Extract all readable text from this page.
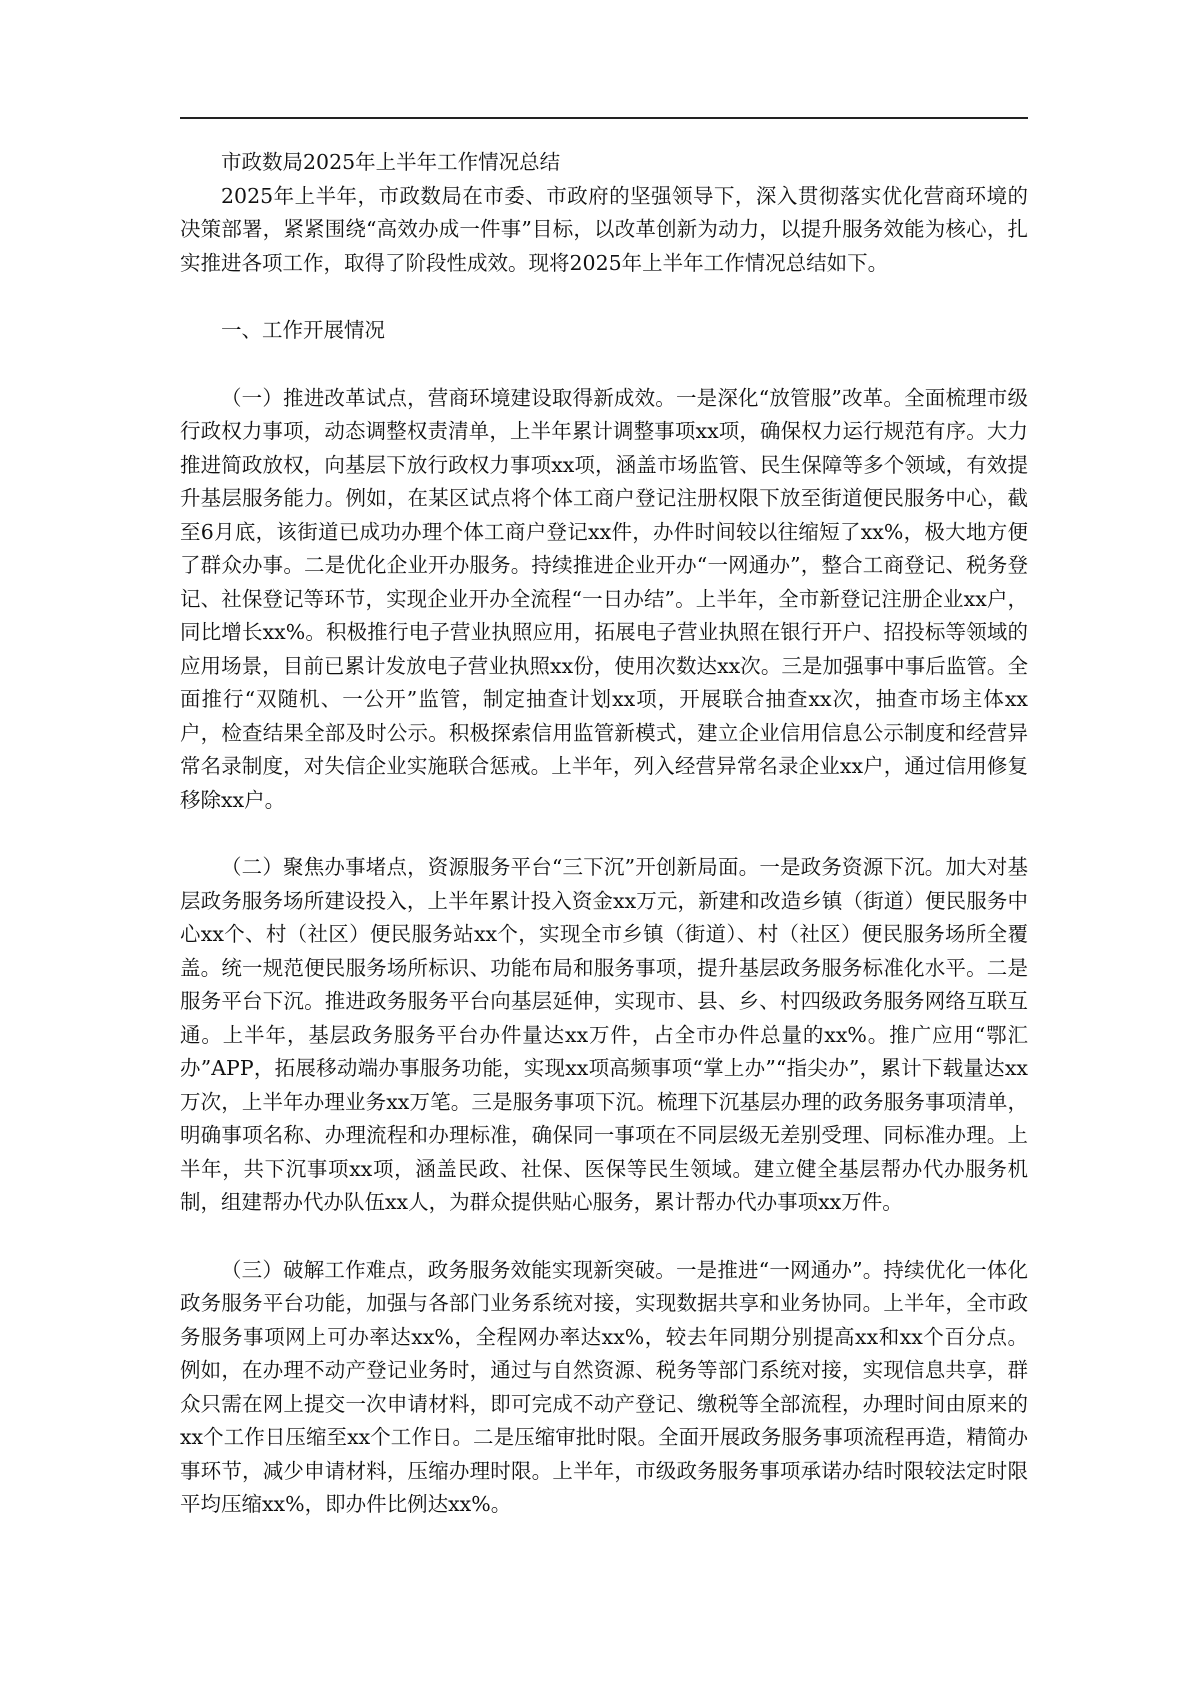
市政数局2025年上半年工作情况总结

2025年上半年，市政数局在市委、市政府的坚强领导下，深入贯彻落实优化营商环境的决策部署，紧紧围绕“高效办成一件事”目标，以改革创新为动力，以提升服务效能为核心，扎实推进各项工作，取得了阶段性成效。现将2025年上半年工作情况总结如下。

一、工作开展情况

（一）推进改革试点，营商环境建设取得新成效。一是深化“放管服”改革。全面梳理市级行政权力事项，动态调整权责清单，上半年累计调整事项xx项，确保权力运行规范有序。大力推进简政放权，向基层下放行政权力事项xx项，涵盖市场监管、民生保障等多个领域，有效提升基层服务能力。例如，在某区试点将个体工商户登记注册权限下放至街道便民服务中心，截至6月底，该街道已成功办理个体工商户登记xx件，办件时间较以往缩短了xx%，极大地方便了群众办事。二是优化企业开办服务。持续推进企业开办“一网通办”，整合工商登记、税务登记、社保登记等环节，实现企业开办全流程“一日办结”。上半年，全市新登记注册企业xx户，同比增长xx%。积极推行电子营业执照应用，拓展电子营业执照在银行开户、招投标等领域的应用场景，目前已累计发放电子营业执照xx份，使用次数达xx次。三是加强事中事后监管。全面推行“双随机、一公开”监管，制定抽查计划xx项，开展联合抽查xx次，抽查市场主体xx户，检查结果全部及时公示。积极探索信用监管新模式，建立企业信用信息公示制度和经营异常名录制度，对失信企业实施联合惩戒。上半年，列入经营异常名录企业xx户，通过信用修复移除xx户。

（二）聚焦办事堵点，资源服务平台“三下沉”开创新局面。一是政务资源下沉。加大对基层政务服务场所建设投入，上半年累计投入资金xx万元，新建和改造乡镇（街道）便民服务中心xx个、村（社区）便民服务站xx个，实现全市乡镇（街道）、村（社区）便民服务场所全覆盖。统一规范便民服务场所标识、功能布局和服务事项，提升基层政务服务标准化水平。二是服务平台下沉。推进政务服务平台向基层延伸，实现市、县、乡、村四级政务服务网络互联互通。上半年，基层政务服务平台办件量达xx万件，占全市办件总量的xx%。推广应用“鄂汇办”APP，拓展移动端办事服务功能，实现xx项高频事项“掌上办”“指尖办”，累计下载量达xx万次，上半年办理业务xx万笔。三是服务事项下沉。梳理下沉基层办理的政务服务事项清单，明确事项名称、办理流程和办理标准，确保同一事项在不同层级无差别受理、同标准办理。上半年，共下沉事项xx项，涵盖民政、社保、医保等民生领域。建立健全基层帮办代办服务机制，组建帮办代办队伍xx人，为群众提供贴心服务，累计帮办代办事项xx万件。

（三）破解工作难点，政务服务效能实现新突破。一是推进“一网通办”。持续优化一体化政务服务平台功能，加强与各部门业务系统对接，实现数据共享和业务协同。上半年，全市政务服务事项网上可办率达xx%，全程网办率达xx%，较去年同期分别提高xx和xx个百分点。例如，在办理不动产登记业务时，通过与自然资源、税务等部门系统对接，实现信息共享，群众只需在网上提交一次申请材料，即可完成不动产登记、缴税等全部流程，办理时间由原来的xx个工作日压缩至xx个工作日。二是压缩审批时限。全面开展政务服务事项流程再造，精简办事环节，减少申请材料，压缩办理时限。上半年，市级政务服务事项承诺办结时限较法定时限平均压缩xx%，即办件比例达xx%。
